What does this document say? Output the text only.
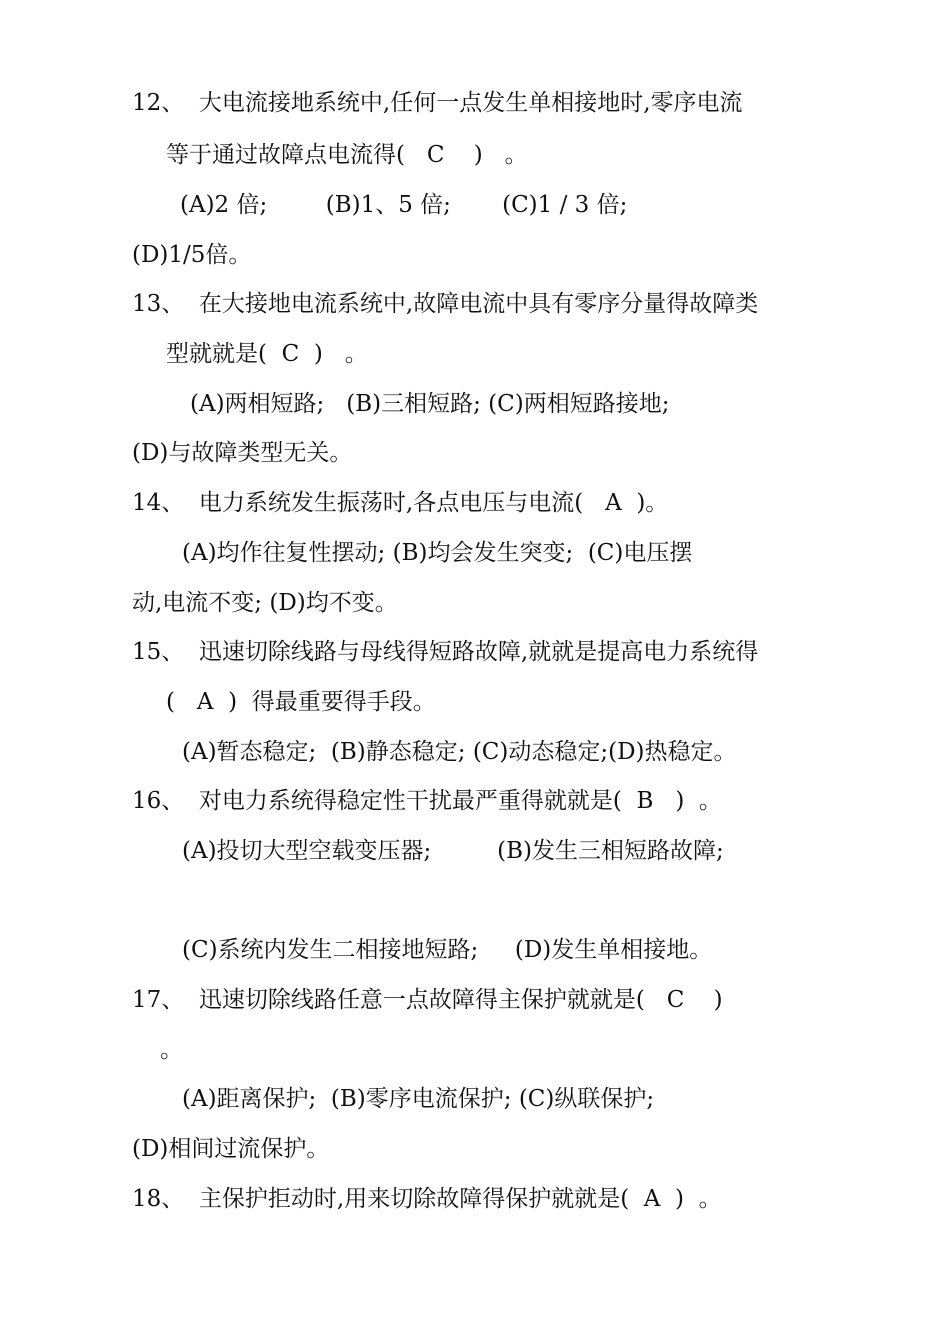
12、  大电流接地系统中,任何一点发生单相接地时,零序电流
等于通过故障点电流得(   C    )   。
(A)2 倍;        (B)1、5 倍;       (C)1 / 3 倍;
(D)1/5倍。
13、  在大接地电流系统中,故障电流中具有零序分量得故障类
型就就是(  C  )   。
(A)两相短路;   (B)三相短路; (C)两相短路接地;
(D)与故障类型无关。
14、  电力系统发生振荡时,各点电压与电流(   A  )。
(A)均作往复性摆动; (B)均会发生突变;  (C)电压摆
动,电流不变; (D)均不变。
15、  迅速切除线路与母线得短路故障,就就是提高电力系统得
(   A  )  得最重要得手段。
(A)暂态稳定;  (B)静态稳定; (C)动态稳定;(D)热稳定。
16、  对电力系统得稳定性干扰最严重得就就是(  B   )  。
(A)投切大型空载变压器;         (B)发生三相短路故障;
(C)系统内发生二相接地短路;     (D)发生单相接地。
17、  迅速切除线路任意一点故障得主保护就就是(   C    )
。
(A)距离保护;  (B)零序电流保护; (C)纵联保护;
(D)相间过流保护。
18、  主保护拒动时,用来切除故障得保护就就是(  A  )  。
